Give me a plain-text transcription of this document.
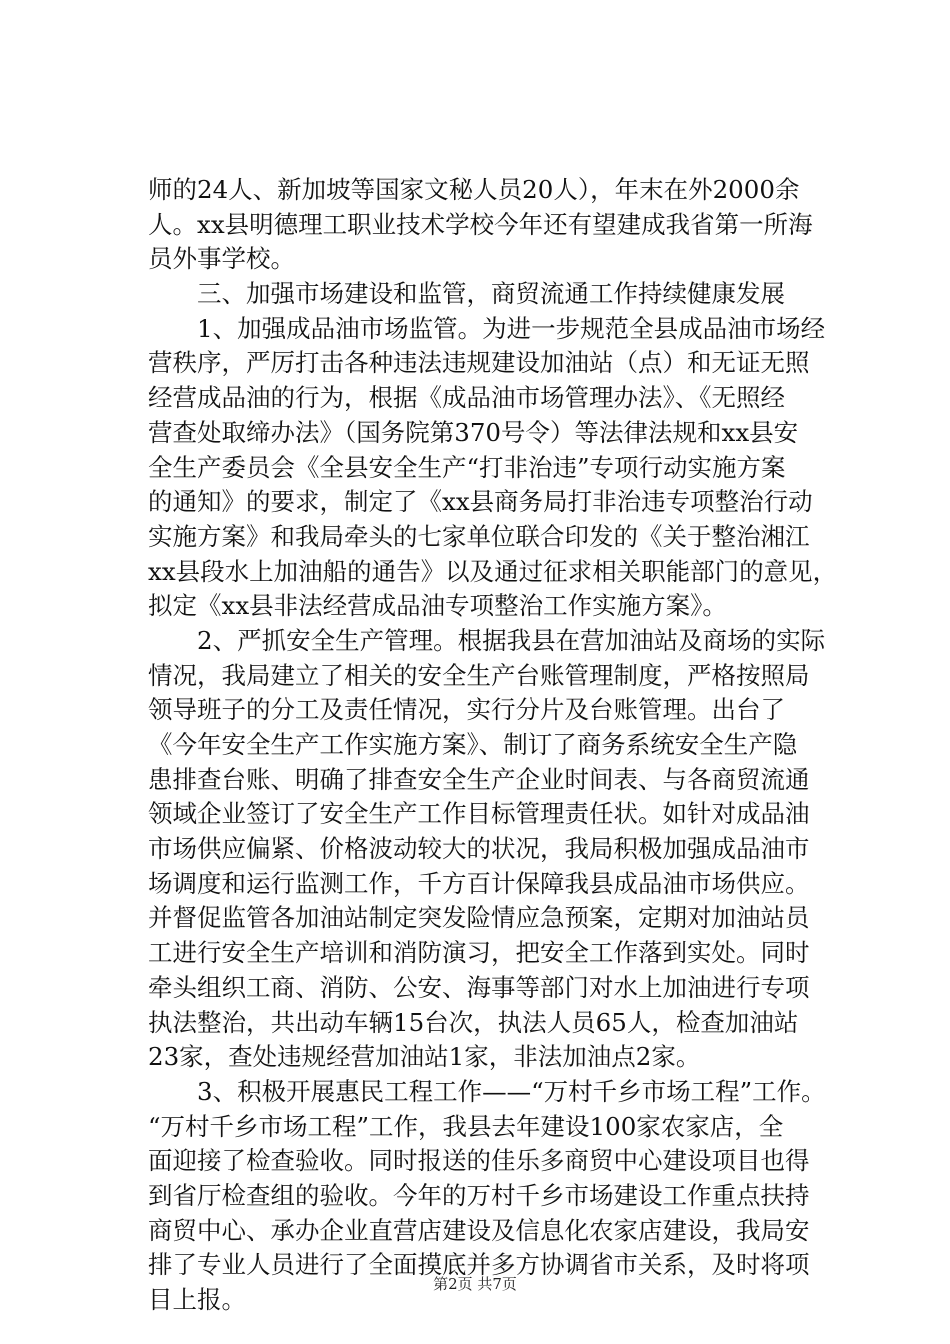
师的24人、新加坡等国家文秘人员20人），年末在外2000余
人。xx县明德理工职业技术学校今年还有望建成我省第一所海
员外事学校。
三、加强市场建设和监管，商贸流通工作持续健康发展
1、加强成品油市场监管。为进一步规范全县成品油市场经
营秩序，严厉打击各种违法违规建设加油站（点）和无证无照
经营成品油的行为，根据《成品油市场管理办法》、《无照经
营查处取缔办法》（国务院第370号令）等法律法规和xx县安
全生产委员会《全县安全生产“打非治违”专项行动实施方案
的通知》的要求，制定了《xx县商务局打非治违专项整治行动
实施方案》和我局牵头的七家单位联合印发的《关于整治湘江
xx县段水上加油船的通告》以及通过征求相关职能部门的意见，
拟定《xx县非法经营成品油专项整治工作实施方案》。
2、严抓安全生产管理。根据我县在营加油站及商场的实际
情况，我局建立了相关的安全生产台账管理制度，严格按照局
领导班子的分工及责任情况，实行分片及台账管理。出台了
《今年安全生产工作实施方案》、制订了商务系统安全生产隐
患排查台账、明确了排查安全生产企业时间表、与各商贸流通
领域企业签订了安全生产工作目标管理责任状。如针对成品油
市场供应偏紧、价格波动较大的状况，我局积极加强成品油市
场调度和运行监测工作，千方百计保障我县成品油市场供应。
并督促监管各加油站制定突发险情应急预案，定期对加油站员
工进行安全生产培训和消防演习，把安全工作落到实处。同时
牵头组织工商、消防、公安、海事等部门对水上加油进行专项
执法整治，共出动车辆15台次，执法人员65人，检查加油站
23家，查处违规经营加油站1家，非法加油点2家。
3、积极开展惠民工程工作——“万村千乡市场工程”工作。
“万村千乡市场工程”工作，我县去年建设100家农家店，全
面迎接了检查验收。同时报送的佳乐多商贸中心建设项目也得
到省厅检查组的验收。今年的万村千乡市场建设工作重点扶持
商贸中心、承办企业直营店建设及信息化农家店建设，我局安
排了专业人员进行了全面摸底并多方协调省市关系，及时将项
目上报。
第2页 共7页
